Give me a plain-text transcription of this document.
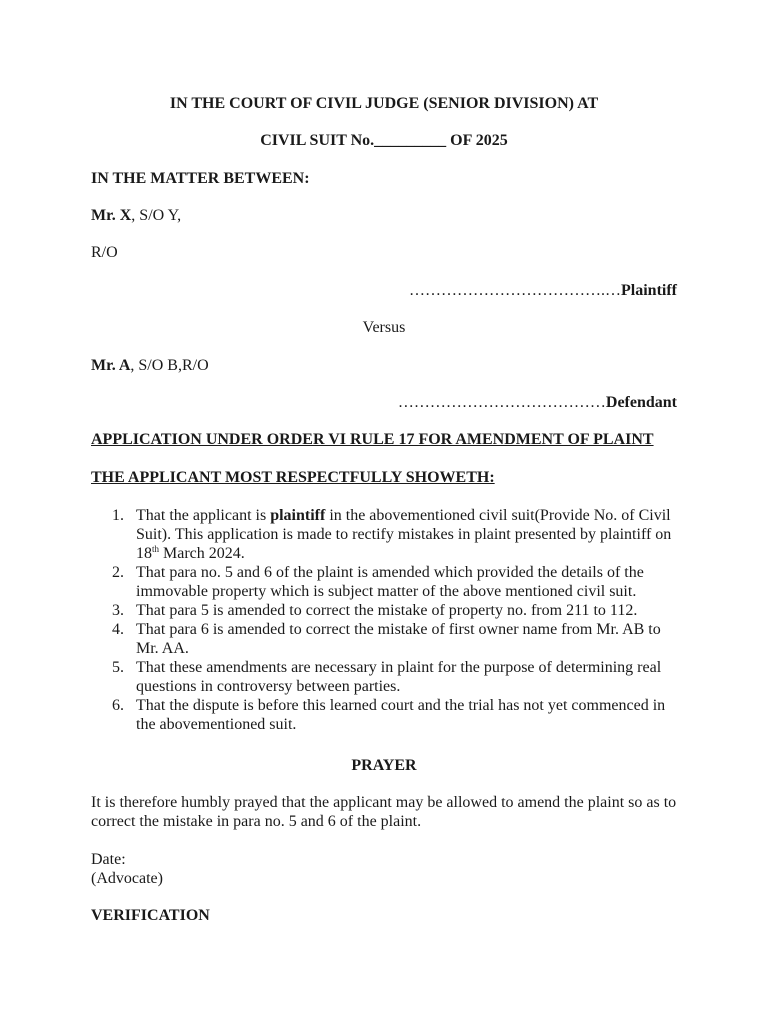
IN THE COURT OF CIVIL JUDGE (SENIOR DIVISION) AT
CIVIL SUIT No._________ OF 2025
IN THE MATTER BETWEEN:
Mr. X, S/O Y,
R/O
……………………………….…Plaintiff
Versus
Mr. A, S/O B,R/O
…………………………………Defendant
APPLICATION UNDER ORDER VI RULE 17 FOR AMENDMENT OF PLAINT
THE APPLICANT MOST RESPECTFULLY SHOWETH:
1. That the applicant is plaintiff in the abovementioned civil suit(Provide No. of Civil Suit). This application is made to rectify mistakes in plaint presented by plaintiff on 18th March 2024.
2. That para no. 5 and 6 of the plaint is amended which provided the details of the immovable property which is subject matter of the above mentioned civil suit.
3. That para 5 is amended to correct the mistake of property no. from 211 to 112.
4. That para 6 is amended to correct the mistake of first owner name from Mr. AB to Mr. AA.
5. That these amendments are necessary in plaint for the purpose of determining real questions in controversy between parties.
6. That the dispute is before this learned court and the trial has not yet commenced in the abovementioned suit.
PRAYER
It is therefore humbly prayed that the applicant may be allowed to amend the plaint so as to correct the mistake in para no. 5 and 6 of the plaint.
Date:
(Advocate)
VERIFICATION
